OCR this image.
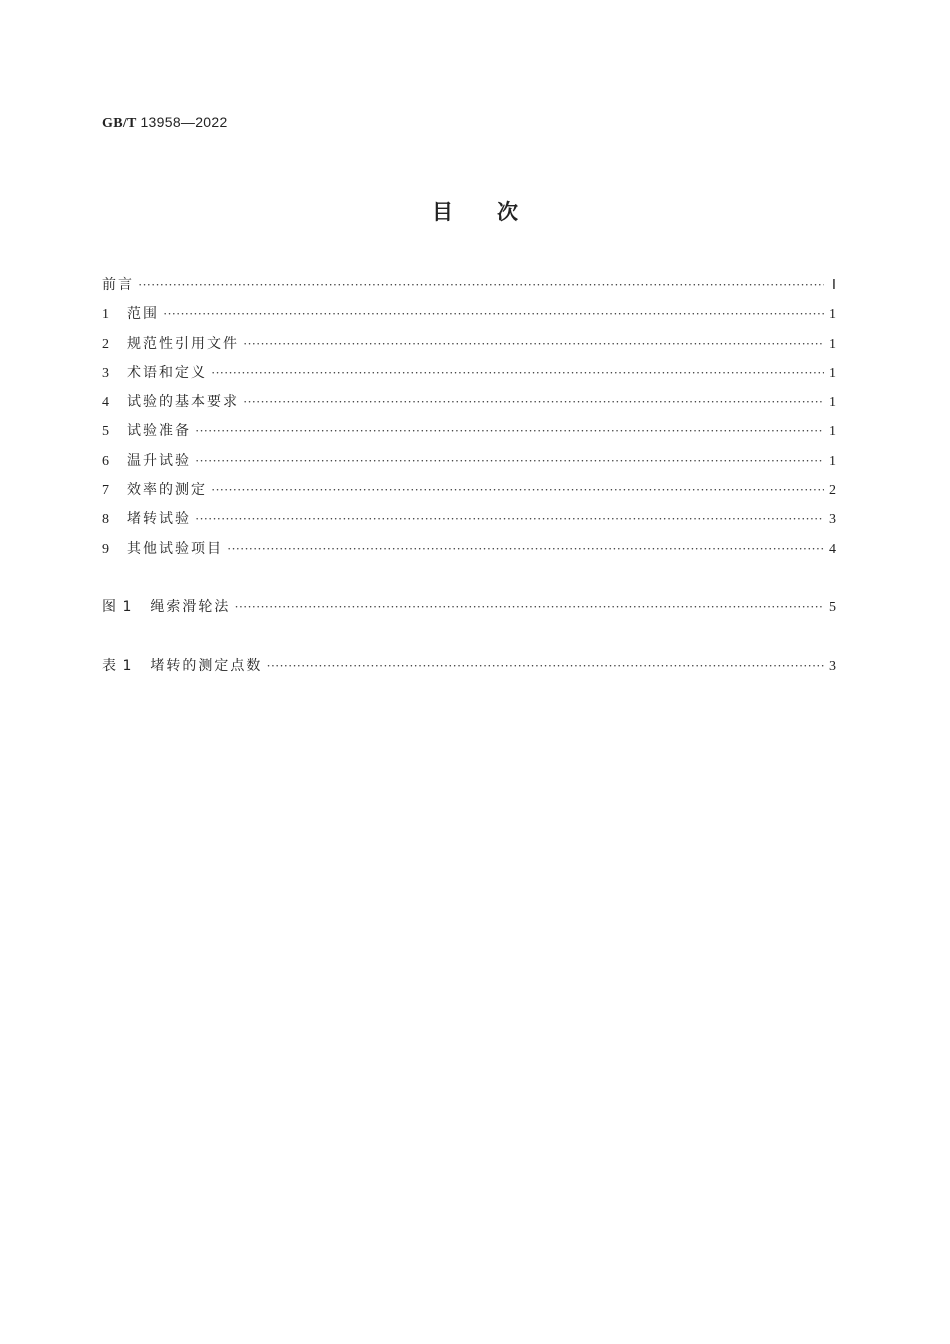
GB/T 13958—2022
目 次
前言 ·····	Ⅰ
1	范围 ·····	1
2	规范性引用文件 ·····	1
3	术语和定义 ·····	1
4	试验的基本要求 ·····	1
5	试验准备 ·····	1
6	温升试验 ·····	1
7	效率的测定 ·····	2
8	堵转试验 ·····	3
9	其他试验项目 ·····	4
图 1 绳索滑轮法 ·····	5
表 1 堵转的测定点数 ·····	3
